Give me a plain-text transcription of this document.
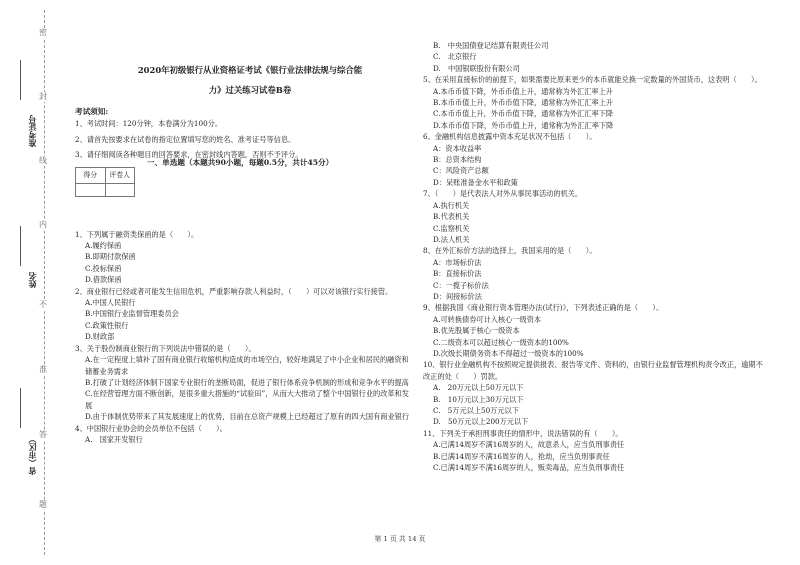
密
封
线
内
不
准
答
题
准考证号
姓名
省（市区）
2020年初级银行从业资格证考试《银行业法律法规与综合能
力》过关练习试卷B卷
考试须知:

1、考试时间：120分钟，本卷满分为100分。

2、请首先按要求在试卷的指定位置填写您的姓名、准考证号等信息。

3、请仔细阅读各种题目的回答要求，在密封线内答题，否则不予评分。

得分	评卷人
一、单选题（本题共90小题，每题0.5分，共计45分）

1、下列属于融资类保函的是（　　）。

A.履约保函

B.即期付款保函

C.投标保函

D.借款保函

2、商业银行已经或者可能发生信用危机，严重影响存款人利益时，（　　）可以对该银行实行接管。

A.中国人民银行

B.中国银行业监督管理委员会

C.政策性银行

D.财政部

3、关于股份制商业银行的下列说法中错误的是（　　）。

A.在一定程度上填补了国有商业银行收缩机构造成的市场空白，较好地满足了中小企业和居民的融资和储蓄业务需求

B.打破了计划经济体制下国家专业银行的垄断局面，促进了银行体系竞争机制的形成和竞争水平的提高

C.在经营管理方面不断创新，是很多重大措施的“试验田”，从而大大推动了整个中国银行业的改革和发展

D.由于体制优势带来了其发展速度上的优势，目前在总资产规模上已经超过了原有的四大国有商业银行

4、中国银行业协会的会员单位不包括（　　）。

A.　国家开发银行

B.　中央国债登记结算有限责任公司

C.　北京银行

D.　中国银联股份有限公司

5、在采用直接标价的前提下，如果需要比原来更少的本币就能兑换一定数量的外国货币，这表明（　　）。

A.本币币值下降，外币币值上升，通常称为外汇汇率上升

B.本币币值上升，外币币值下降，通常称为外汇汇率上升

C.本币币值上升，外币币值下降，通常称为外汇汇率下降

D.本币币值下降，外币币值上升，通常称为外汇汇率下降

6、金融机构信息披露中资本充足状况不包括（　　）。

A：资本收益率

B：总资本结构

C：风险资产总额

D：呆账准备金水平和政策

7、（　　）是代表法人对外从事民事活动的机关。

A.执行机关

B.代表机关

C.监察机关

D.法人机关

8、在外汇标价方法的选择上，我国采用的是（　　）。

A：市场标价法

B：直接标价法

C：一揽子标价法

D：间接标价法

9、根据我国《商业银行资本管理办法(试行)》，下列表述正确的是（　　）。

A.可转换债券可计入核心一级资本

B.优先股属于核心一级资本

C.二级资本可以超过核心一级资本的100%

D.次级长期债务资本不得超过一级资本的100%

10、银行业金融机构不按照规定提供报表、报告等文件、资料的，由银行业监督管理机构责令改正，逾期不改正的处（　　）罚款。

A.　20万元以上50万元以下

B.　10万元以上30万元以下

C.　5万元以上50万元以下

D.　50万元以上200万元以下

11、下列关于承担刑事责任的情形中，说法错误的有（　　）。

A.已满14周岁不满16周岁的人，故意杀人，应当负刑事责任

B.已满14周岁不满16周岁的人，抢劫，应当负刑事责任

C.已满14周岁不满16周岁的人，贩卖毒品，应当负刑事责任

第 1 页 共 14 页
